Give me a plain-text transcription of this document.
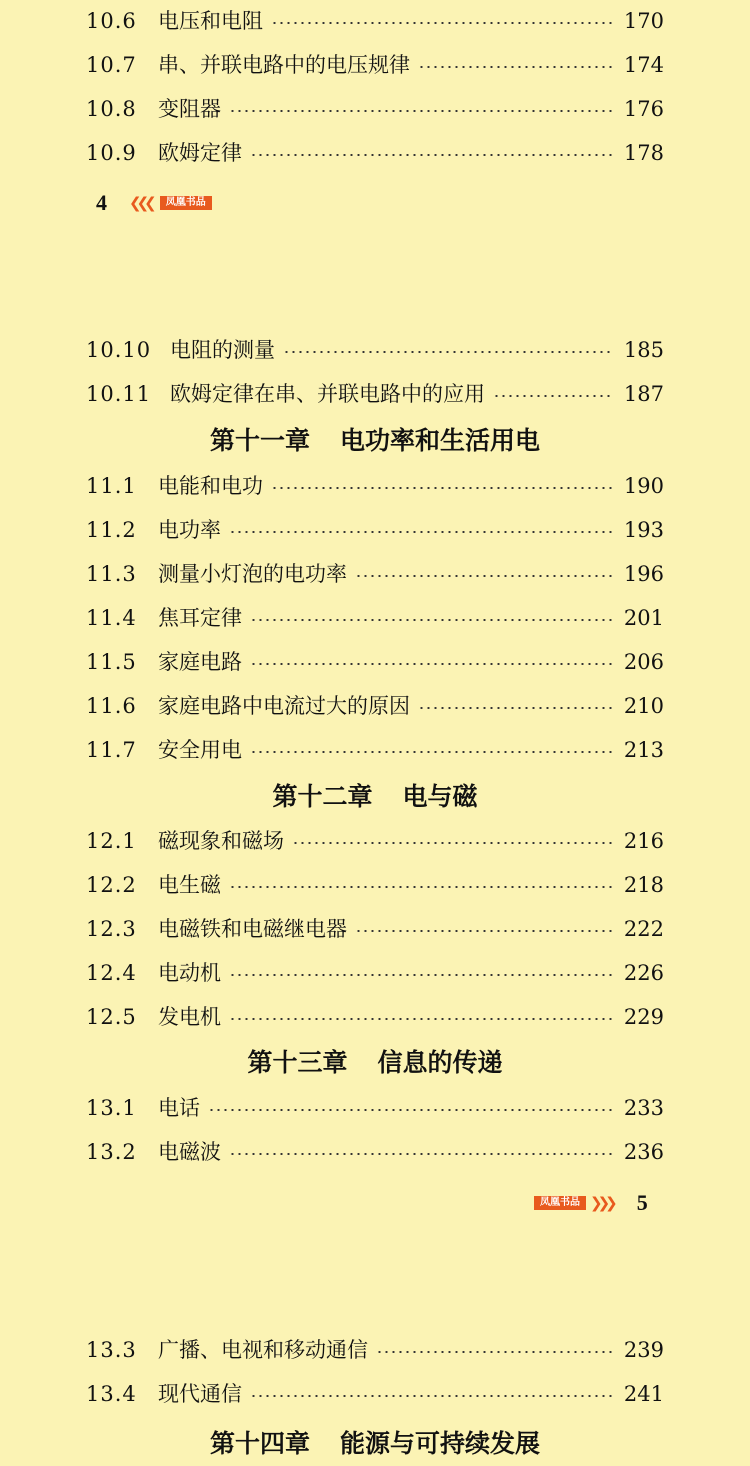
10.6	电压和电阻	170
10.7	串、并联电路中的电压规律	174
10.8	变阻器	176
10.9	欧姆定律	178
10.10 电阻的测量	185
10.11 欧姆定律在串、并联电路中的应用	187
11.1	电能和电功	190
11.2	电功率	193
11.3	测量小灯泡的电功率	196
11.4	焦耳定律	201
11.5	家庭电路	206
11.6	家庭电路中电流过大的原因	210
11.7	安全用电	213
12.1	磁现象和磁场	216
12.2	电生磁	218
12.3	电磁铁和电磁继电器	222
12.4	电动机	226
12.5	发电机	229
13.1	电话	233
13.2	电磁波	236
13.3	广播、电视和移动通信	239
13.4	现代通信	241
4 ❮❮❮	凤凰书品
第十一章 电功率和生活用电
第十二章 电与磁
第十三章 信息的传递
凤凰书品 ❯❯❯ 5
第十四章 能源与可持续发展
